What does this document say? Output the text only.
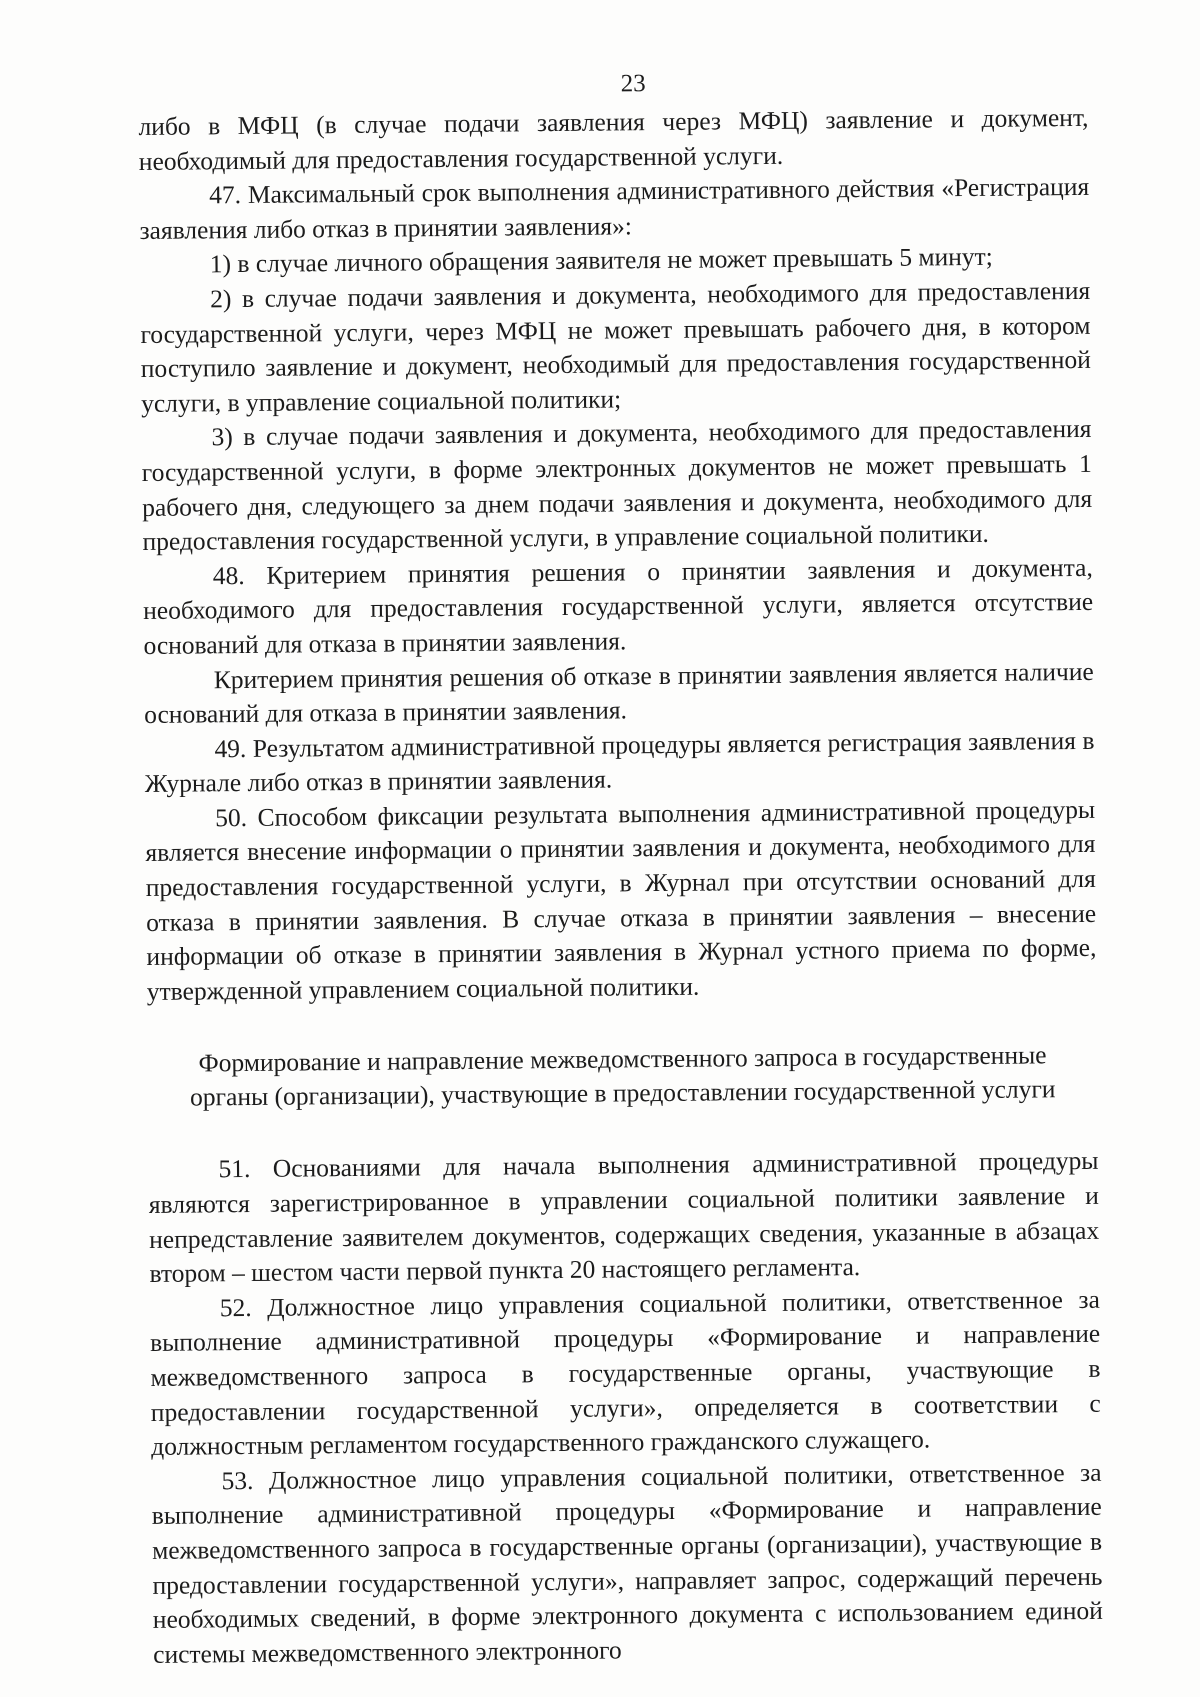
23

либо в МФЦ (в случае подачи заявления через МФЦ) заявление и документ, необходимый для предоставления государственной услуги.

47. Максимальный срок выполнения административного действия «Регистрация заявления либо отказ в принятии заявления»:

1) в случае личного обращения заявителя не может превышать 5 минут;

2) в случае подачи заявления и документа, необходимого для предоставления государственной услуги, через МФЦ не может превышать рабочего дня, в котором поступило заявление и документ, необходимый для предоставления государственной услуги, в управление социальной политики;

3) в случае подачи заявления и документа, необходимого для предоставления государственной услуги, в форме электронных документов не может превышать 1 рабочего дня, следующего за днем подачи заявления и документа, необходимого для предоставления государственной услуги, в управление социальной политики.

48. Критерием принятия решения о принятии заявления и документа, необходимого для предоставления государственной услуги, является отсутствие оснований для отказа в принятии заявления.

Критерием принятия решения об отказе в принятии заявления является наличие оснований для отказа в принятии заявления.

49. Результатом административной процедуры является регистрация заявления в Журнале либо отказ в принятии заявления.

50. Способом фиксации результата выполнения административной процедуры является внесение информации о принятии заявления и документа, необходимого для предоставления государственной услуги, в Журнал при отсутствии оснований для отказа в принятии заявления. В случае отказа в принятии заявления – внесение информации об отказе в принятии заявления в Журнал устного приема по форме, утвержденной управлением социальной политики.

Формирование и направление межведомственного запроса в государственные органы (организации), участвующие в предоставлении государственной услуги

51. Основаниями для начала выполнения административной процедуры являются зарегистрированное в управлении социальной политики заявление и непредставление заявителем документов, содержащих сведения, указанные в абзацах втором – шестом части первой пункта 20 настоящего регламента.

52. Должностное лицо управления социальной политики, ответственное за выполнение административной процедуры «Формирование и направление межведомственного запроса в государственные органы, участвующие в предоставлении государственной услуги», определяется в соответствии с должностным регламентом государственного гражданского служащего.

53. Должностное лицо управления социальной политики, ответственное за выполнение административной процедуры «Формирование и направление межведомственного запроса в государственные органы (организации), участвующие в предоставлении государственной услуги», направляет запрос, содержащий перечень необходимых сведений, в форме электронного документа с использованием единой системы межведомственного электронного
